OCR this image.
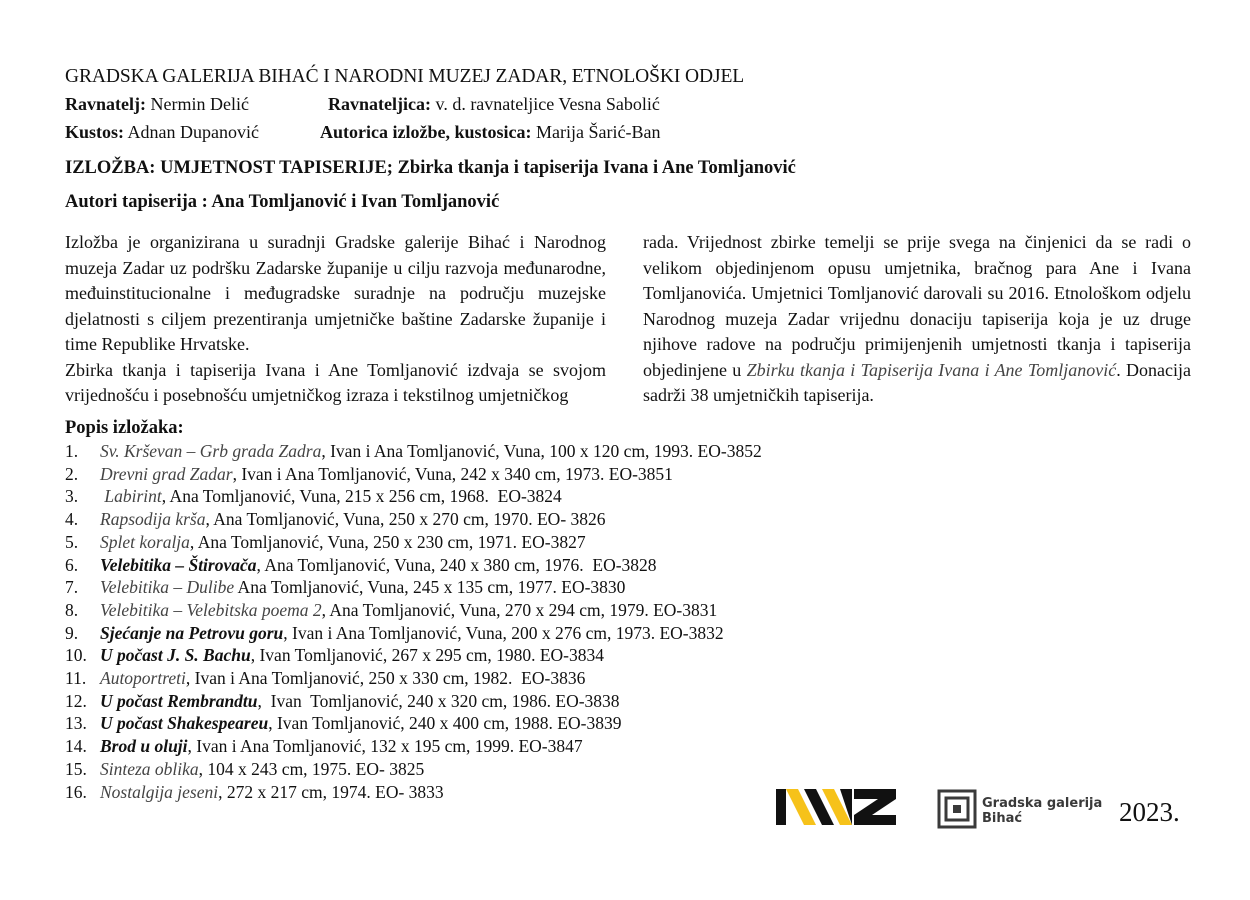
GRADSKA GALERIJA BIHAĆ I NARODNI MUZEJ ZADAR, ETNOLOŠKI ODJEL
Ravnatelj: Nermin Delić	Ravnateljica: v. d. ravnateljice Vesna Sabolić
Kustos: Adnan Dupanović	Autorica izložbe, kustosica: Marija Šarić-Ban
IZLOŽBA: UMJETNOST TAPISERIJE; Zbirka tkanja i tapiserija Ivana i Ane Tomljanović
Autori tapiserija : Ana Tomljanović i Ivan Tomljanović

Izložba je organizirana u suradnji Gradske galerije Bihać i Narodnog muzeja Zadar uz podršku Zadarske županije u cilju razvoja međunarodne, međuinstitucionalne i međugradske suradnje na području muzejske djelatnosti s ciljem prezentiranja umjetničke baštine Zadarske županije i time Republike Hrvatske.

Zbirka tkanja i tapiserija Ivana i Ane Tomljanović izdvaja se svojom vrijednošću i posebnošću umjetničkog izraza i tekstilnog umjetničkog

rada. Vrijednost zbirke temelji se prije svega na činjenici da se radi o velikom objedinjenom opusu umjetnika, bračnog para Ane i Ivana Tomljanovića. Umjetnici Tomljanović darovali su 2016. Etnološkom odjelu Narodnog muzeja Zadar vrijednu donaciju tapiserija koja je uz druge njihove radove na području primijenjenih umjetnosti tkanja i tapiserija objedinjene u Zbirku tkanja i Tapiserija Ivana i Ane Tomljanović. Donacija sadrži 38 umjetničkih tapiserija.

Popis izložaka:
1.	Sv. Krševan – Grb grada Zadra , Ivan i Ana Tomljanović, Vuna, 100 x 120 cm, 1993. EO-3852
2.	Drevni grad Zadar , Ivan i Ana Tomljanović, Vuna, 242 x 340 cm, 1973. EO-3851
3.	Labirint , Ana Tomljanović, Vuna, 215 x 256 cm, 1968.  EO-3824
4.	Rapsodija krša , Ana Tomljanović, Vuna, 250 x 270 cm, 1970. EO- 3826
5.	Splet koralja , Ana Tomljanović, Vuna, 250 x 230 cm, 1971. EO-3827
6.	Velebitika – Štirovača , Ana Tomljanović, Vuna, 240 x 380 cm, 1976.  EO-3828
7.	Velebitika – Dulibe Ana Tomljanović, Vuna, 245 x 135 cm, 1977. EO-3830
8.	Velebitika – Velebitska poema 2 , Ana Tomljanović, Vuna, 270 x 294 cm, 1979. EO-3831
9.	Sjećanje na Petrovu goru , Ivan i Ana Tomljanović, Vuna, 200 x 276 cm, 1973. EO-3832
10. U počast J. S. Bachu , Ivan Tomljanović, 267 x 295 cm, 1980. EO-3834
11. Autoportreti , Ivan i Ana Tomljanović, 250 x 330 cm, 1982.  EO-3836
12. U počast Rembrandtu ,  Ivan  Tomljanović, 240 x 320 cm, 1986. EO-3838
13. U počast Shakespeareu , Ivan Tomljanović, 240 x 400 cm, 1988. EO-3839
14. Brod u oluji , Ivan i Ana Tomljanović, 132 x 195 cm, 1999. EO-3847
15. Sinteza oblika , 104 x 243 cm, 1975. EO- 3825
16. Nostalgija jeseni , 272 x 217 cm, 1974. EO- 3833
Gradska galerija
Bihać	2023.
